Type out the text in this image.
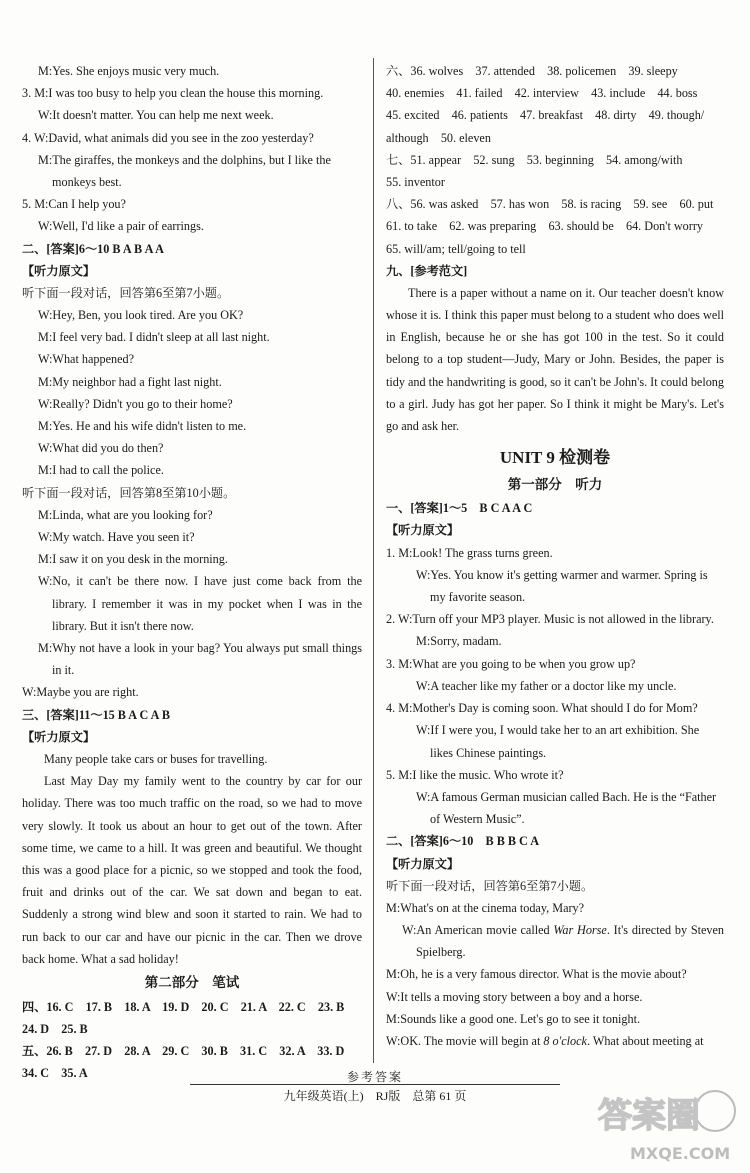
M:Yes. She enjoys music very much.
3. M:I was too busy to help you clean the house this morning.
W:It doesn't matter. You can help me next week.
4. W:David, what animals did you see in the zoo yesterday?
M:The giraffes, the monkeys and the dolphins, but I like the
monkeys best.
5. M:Can I help you?
W:Well, I'd like a pair of earrings.
二、[答案]6～10 B A B A A
【听力原文】
听下面一段对话，回答第6至第7小题。
W:Hey, Ben, you look tired. Are you OK?
M:I feel very bad. I didn't sleep at all last night.
W:What happened?
M:My neighbor had a fight last night.
W:Really? Didn't you go to their home?
M:Yes. He and his wife didn't listen to me.
W:What did you do then?
M:I had to call the police.
听下面一段对话，回答第8至第10小题。
M:Linda, what are you looking for?
W:My watch. Have you seen it?
M:I saw it on you desk in the morning.

W:No, it can't be there now. I have just come back from the library. I remember it was in my pocket when I was in the library. But it isn't there now.

M:Why not have a look in your bag? You always put small things in it.

W:Maybe you are right.
三、[答案]11～15 B A C A B
【听力原文】

Many people take cars or buses for travelling.

Last May Day my family went to the country by car for our holiday. There was too much traffic on the road, so we had to move very slowly. It took us about an hour to get out of the town. After some time, we came to a hill. It was green and beautiful. We thought this was a good place for a picnic, so we stopped and took the food, fruit and drinks out of the car. We sat down and began to eat. Suddenly a strong wind blew and soon it started to rain. We had to run back to our car and have our picnic in the car. Then we drove back home. What a sad holiday!

第二部分　笔试
四、16. C　17. B　18. A　19. D　20. C　21. A　22. C　23. B
24. D　25. B
五、26. B　27. D　28. A　29. C　30. B　31. C　32. A　33. D
34. C　35. A
六、36. wolves　37. attended　38. policemen　39. sleepy
40. enemies　41. failed　42. interview　43. include　44. boss
45. excited　46. patients　47. breakfast　48. dirty　49. though/
although　50. eleven
七、51. appear　52. sung　53. beginning　54. among/with
55. inventor
八、56. was asked　57. has won　58. is racing　59. see　60. put
61. to take　62. was preparing　63. should be　64. Don't worry
65. will/am; tell/going to tell
九、[参考范文]

There is a paper without a name on it. Our teacher doesn't know whose it is. I think this paper must belong to a student who does well in English, because he or she has got 100 in the test. So it could belong to a top student—Judy, Mary or John. Besides, the paper is tidy and the handwriting is good, so it can't be John's. It could belong to a girl. Judy has got her paper. So I think it might be Mary's. Let's go and ask her.

UNIT 9 检测卷
第一部分　听力
一、[答案]1～5　B C A A C
【听力原文】
1. M:Look! The grass turns green.

W:Yes. You know it's getting warmer and warmer. Spring is my favorite season.

2. W:Turn off your MP3 player. Music is not allowed in the library.

M:Sorry, madam.

3. M:What are you going to be when you grow up?

W:A teacher like my father or a doctor like my uncle.

4. M:Mother's Day is coming soon. What should I do for Mom?

W:If I were you, I would take her to an art exhibition. She likes Chinese paintings.

5. M:I like the music. Who wrote it?

W:A famous German musician called Bach. He is the “Father of Western Music”.

二、[答案]6～10　B B B C A
【听力原文】
听下面一段对话，回答第6至第7小题。
M:What's on at the cinema today, Mary?

W:An American movie called War Horse. It's directed by Steven Spielberg.

M:Oh, he is a very famous director. What is the movie about?
W:It tells a moving story between a boy and a horse.
M:Sounds like a good one. Let's go to see it tonight.
W:OK. The movie will begin at 8 o'clock. What about meeting at
参考答案
九年级英语(上)　RJ版　总第 61 页	答案圈
MXQE.COM
